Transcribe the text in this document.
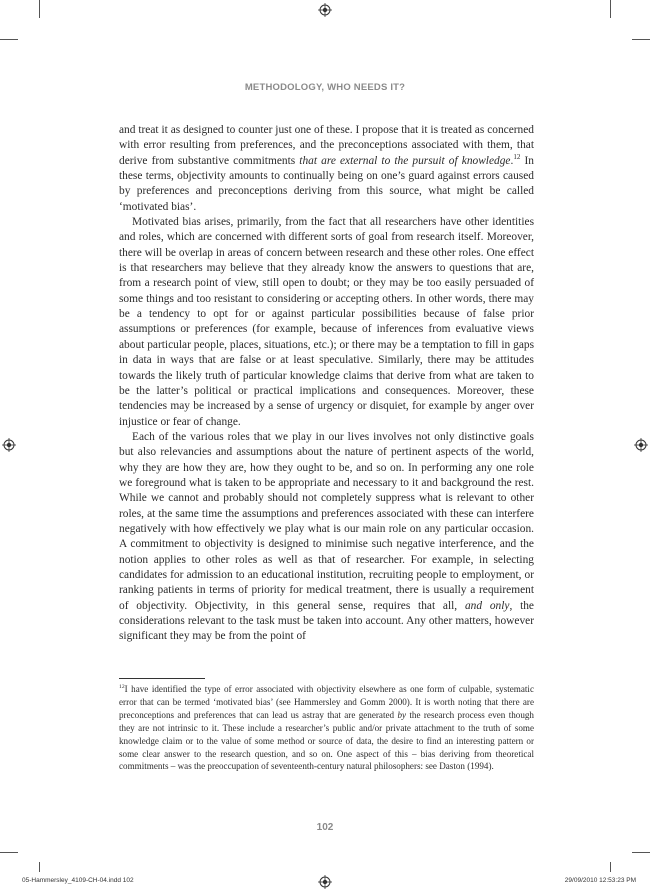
METHODOLOGY, WHO NEEDS IT?

and treat it as designed to counter just one of these. I propose that it is treated as concerned with error resulting from preferences, and the preconceptions associated with them, that derive from substantive commitments that are external to the pursuit of knowledge.$^{12}$ In these terms, objectivity amounts to continually being on one’s guard against errors caused by preferences and preconceptions deriving from this source, what might be called ‘motivated bias’.

Motivated bias arises, primarily, from the fact that all researchers have other identities and roles, which are concerned with different sorts of goal from research itself. Moreover, there will be overlap in areas of concern between research and these other roles. One effect is that researchers may believe that they already know the answers to questions that are, from a research point of view, still open to doubt; or they may be too easily persuaded of some things and too resistant to considering or accepting others. In other words, there may be a tendency to opt for or against particular possibilities because of false prior assumptions or preferences (for example, because of inferences from evaluative views about particular people, places, situations, etc.); or there may be a temptation to fill in gaps in data in ways that are false or at least speculative. Similarly, there may be attitudes towards the likely truth of particular knowledge claims that derive from what are taken to be the latter’s political or practical implications and consequences. Moreover, these tendencies may be increased by a sense of urgency or disquiet, for example by anger over injustice or fear of change.

Each of the various roles that we play in our lives involves not only distinctive goals but also relevancies and assumptions about the nature of pertinent aspects of the world, why they are how they are, how they ought to be, and so on. In performing any one role we foreground what is taken to be appropriate and necessary to it and background the rest. While we cannot and probably should not completely suppress what is relevant to other roles, at the same time the assumptions and preferences associated with these can interfere negatively with how effectively we play what is our main role on any particular occasion. A commitment to objectivity is designed to minimise such negative interference, and the notion applies to other roles as well as that of researcher. For example, in selecting candidates for admission to an educational institution, recruiting people to employment, or ranking patients in terms of priority for medical treatment, there is usually a requirement of objectivity. Objectivity, in this general sense, requires that all, and only, the considerations relevant to the task must be taken into account. Any other matters, however significant they may be from the point of

$^{12}$I have identified the type of error associated with objectivity elsewhere as one form of culpable, systematic error that can be termed ‘motivated bias’ (see Hammersley and Gomm 2000). It is worth noting that there are preconceptions and preferences that can lead us astray that are generated by the research process even though they are not intrinsic to it. These include a researcher’s public and/or private attachment to the truth of some knowledge claim or to the value of some method or source of data, the desire to find an interesting pattern or some clear answer to the research question, and so on. One aspect of this – bias deriving from theoretical commitments – was the preoccupation of seventeenth-century natural philosophers: see Daston (1994).
102
05-Hammersley_4109-CH-04.indd 102	29/09/2010 12:53:23 PM
